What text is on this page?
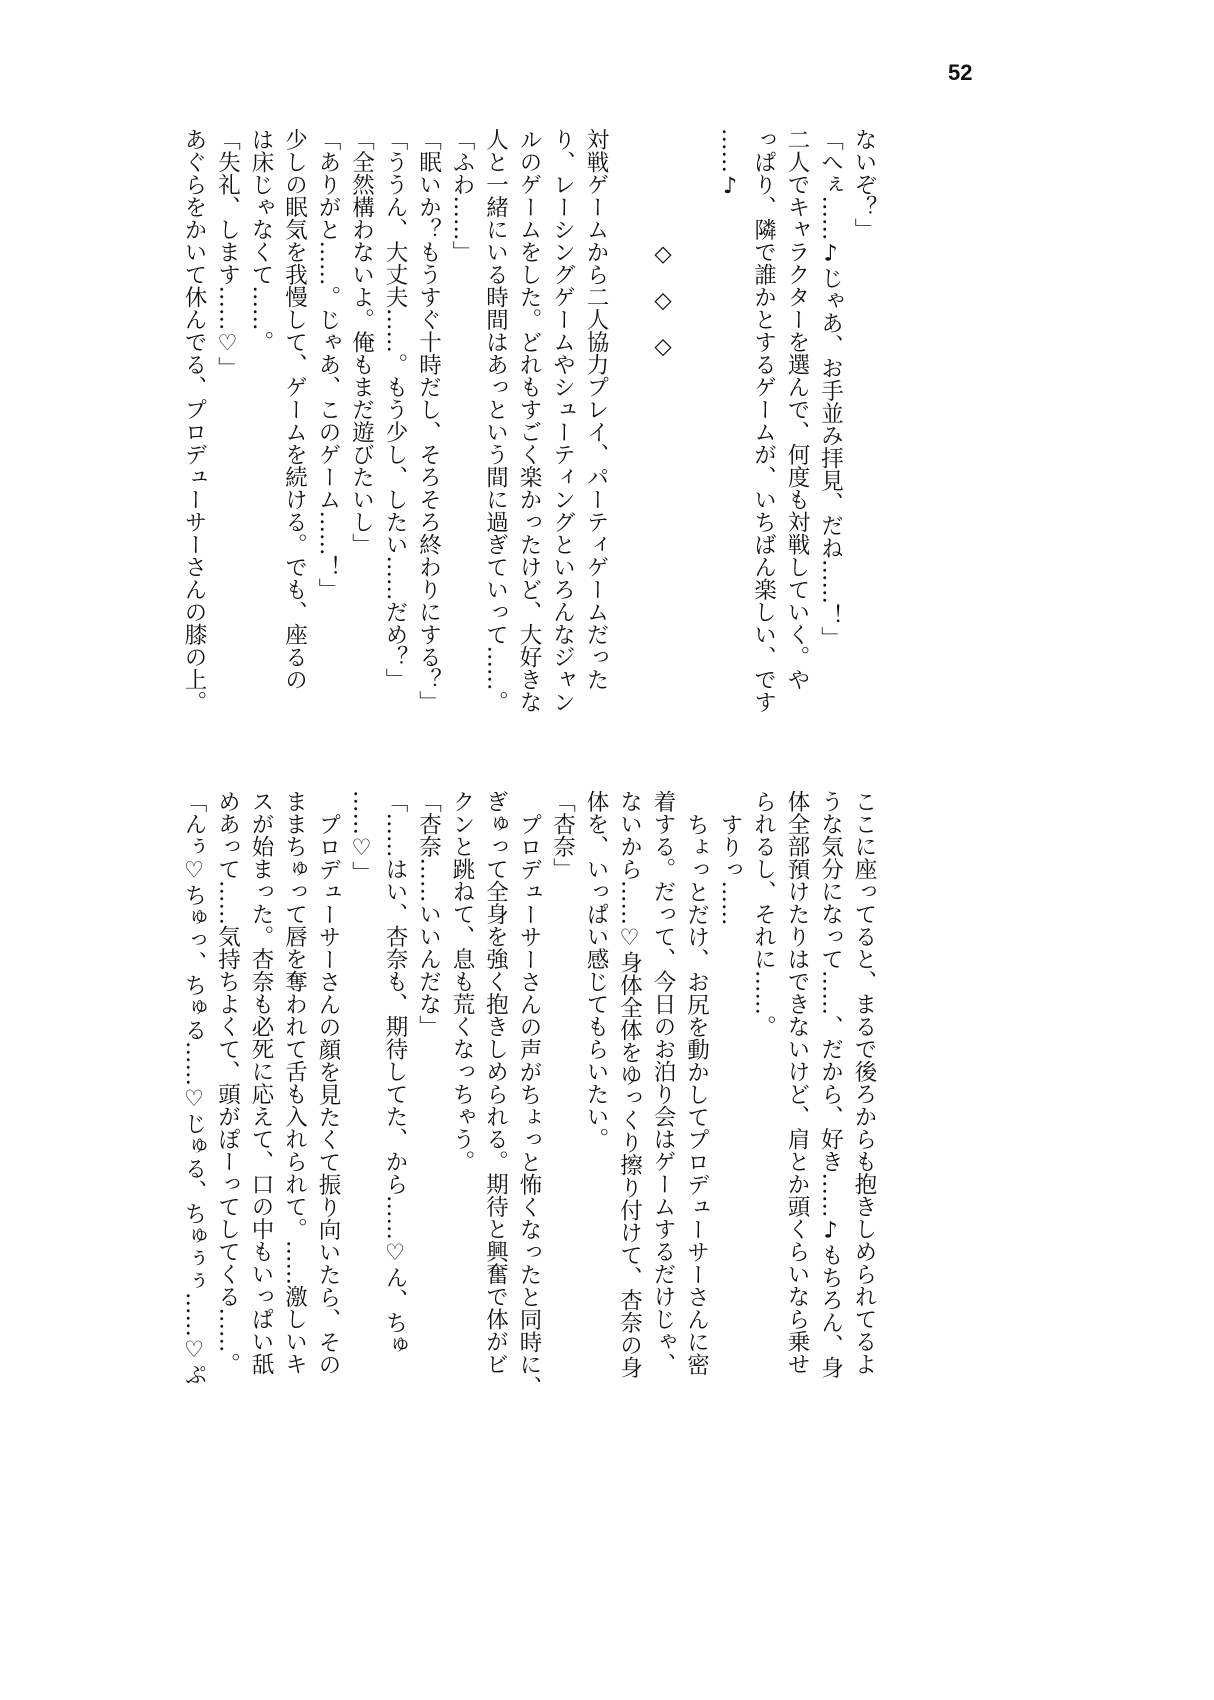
52
ないぞ？」
「へぇ……♪じゃあ、お手並み拝見、だね……！」
二人でキャラクターを選んで、何度も対戦していく。や
っぱり、隣で誰かとするゲームが、いちばん楽しい、です
……♪
◇◇◇
対戦ゲームから二人協力プレイ、パーティゲームだった
り、レーシングゲームやシューティングといろんなジャン
ルのゲームをした。どれもすごく楽かったけど、大好きな
人と一緒にいる時間はあっという間に過ぎていって……。
「ふわ……」
「眠いか？もうすぐ十時だし、そろそろ終わりにする？」
「ううん、大丈夫……。もう少し、したい……だめ？」
「全然構わないよ。俺もまだ遊びたいし」
「ありがと……。じゃあ、このゲーム……！」
少しの眠気を我慢して、ゲームを続ける。でも、座るの
は床じゃなくて……。
「失礼、します……♡」
あぐらをかいて休んでる、プロデューサーさんの膝の上。
ここに座ってると、まるで後ろからも抱きしめられてるよ
うな気分になって……、だから、好き……♪もちろん、身
体全部預けたりはできないけど、肩とか頭くらいなら乗せ
られるし、それに……。
すりっ……
ちょっとだけ、お尻を動かしてプロデューサーさんに密
着する。だって、今日のお泊り会はゲームするだけじゃ、
ないから……♡身体全体をゆっくり擦り付けて、杏奈の身
体を、いっぱい感じてもらいたい。
「杏奈」
プロデューサーさんの声がちょっと怖くなったと同時に、
ぎゅって全身を強く抱きしめられる。期待と興奮で体がビ
クンと跳ねて、息も荒くなっちゃう。
「杏奈……いいんだな」
「……はい、杏奈も、期待してた、から……♡ん、ちゅ
……♡」
プロデューサーさんの顔を見たくて振り向いたら、その
ままちゅって唇を奪われて舌も入れられて。……激しいキ
スが始まった。杏奈も必死に応えて、口の中もいっぱい舐
めあって……気持ちよくて、頭がぽーってしてくる……。
「んぅ♡ちゅっ、ちゅる……♡じゅる、ちゅぅぅ……♡ぷ
